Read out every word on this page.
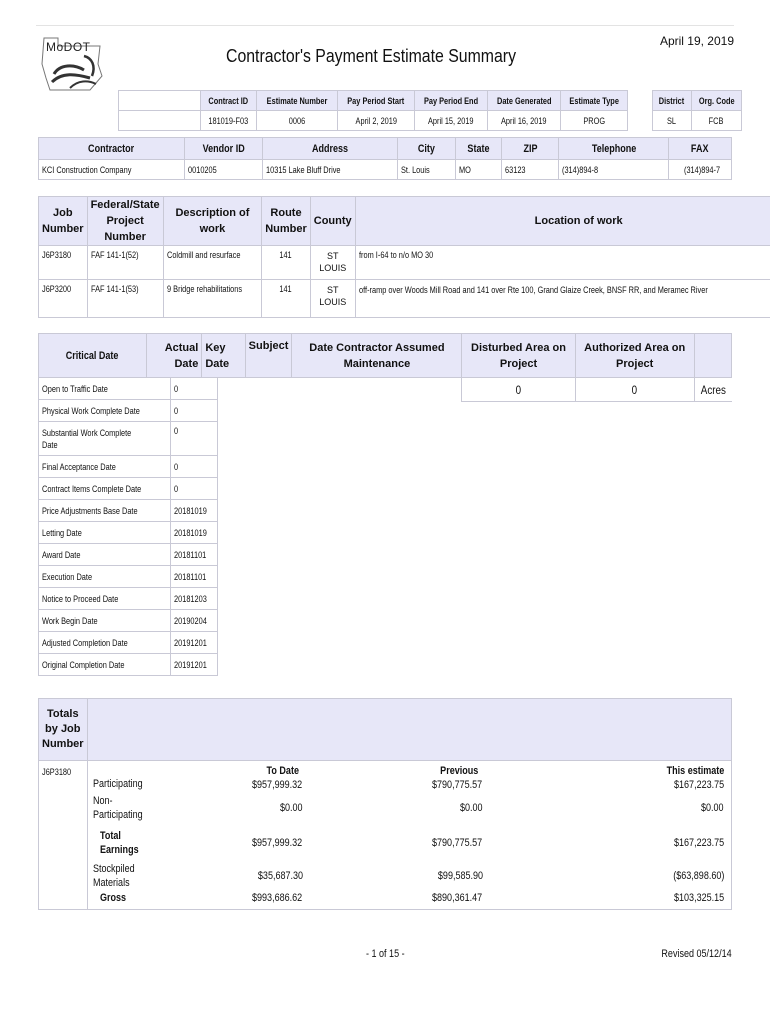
MoDOT	Contractor's Payment Estimate Summary
April 19, 2019
	Contract ID	Estimate Number	Pay Period Start	Pay Period End	Date Generated	Estimate Type		District	Org. Code
	181019-F03	0006	April 2, 2019	April 15, 2019	April 16, 2019	PROG		SL	FCB
Contractor	Vendor ID	Address	City	State	ZIP	Telephone	FAX
KCI Construction Company	0010205	10315 Lake Bluff Drive	St. Louis	MO	63123	(314)894-8	(314)894-7
Job Number	Federal/State Project Number	Description of work	Route Number	County	Location of work
J6P3180	FAF 141-1(52)	Coldmill and resurface	141	ST LOUIS	from I-64 to n/o MO 30
J6P3200	FAF 141-1(53)	9 Bridge rehabilitations	141	ST LOUIS	off-ramp over Woods Mill Road and 141 over Rte 100, Grand Glaize Creek, BNSF RR, and Meramec River
Critical Date	Actual Date	Key Date	Subject	Date Contractor Assumed Maintenance	Disturbed Area on Project	Authorized Area on Project	
					0	0	Acres
Open to Traffic Date	0
Physical Work Complete Date	0

Substantial Work Complete Date	0
Final Acceptance Date	0
Contract Items Complete Date	0
Price Adjustments Base Date	20181019
Letting Date	20181019
Award Date	20181101
Execution Date	20181101
Notice to Proceed Date	20181203
Work Begin Date	20190204
Adjusted Completion Date	20191201
Original Completion Date	20191201
Totals by Job Number	
J6P3180	
		To Date	Previous	This estimate
Participating	$957,999.32	$790,775.57	$167,223.75

Non-Participating
	$0.00	$0.00	$0.00

Total Earnings
	$957,999.32	$790,775.57	$167,223.75

Stockpiled Materials
	$35,687.30	$99,585.90	($63,898.60)
Gross	$993,686.62	$890,361.47	$103,325.15
- 1 of 15 -	Revised 05/12/14
